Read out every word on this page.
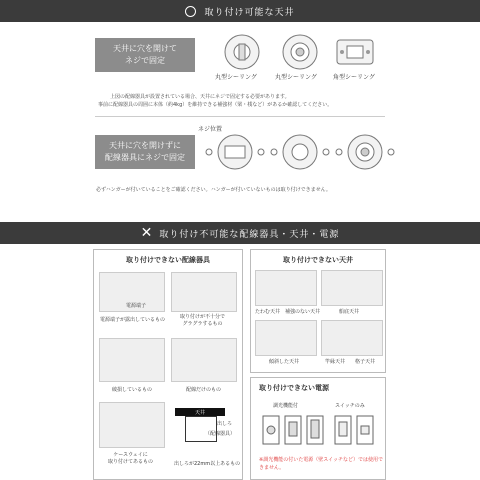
取り付け可能な天井
天井に穴を開けて
ネジで固定
丸型シーリング	丸型シーリング	角型シーリング
上図の配線器具が設置されている場合、天井にネジで固定する必要があります。
事前に配線器具の周囲に本体（約4kg）を維持できる補強材（梁・桟など）があるか確認してください。
天井に穴を開けずに
配線器具にネジで固定
ネジ位置
必ずハンガーが付いていることをご確認ください。ハンガーが付いていないものは取り付けできません。
✕ 取り付け不可能な配線器具・天井・電源
取り付けできない配線器具
電源端子
電源端子が露出しているもの	取り付けが不十分で
グラグラするもの
破損しているもの	配線だけのもの
ケースウェイに
取り付けてあるもの
天井
出しろ
（配線器具）
出しろが22mm以上あるもの
取り付けできない天井
たわむ天井 補強のない天井	船底天井
傾斜した天井	竿縁天井 格子天井
取り付けできない電源
調光機能付	スイッチのみ
※調光機能の付いた電源（壁スイッチなど）では使用できません。
